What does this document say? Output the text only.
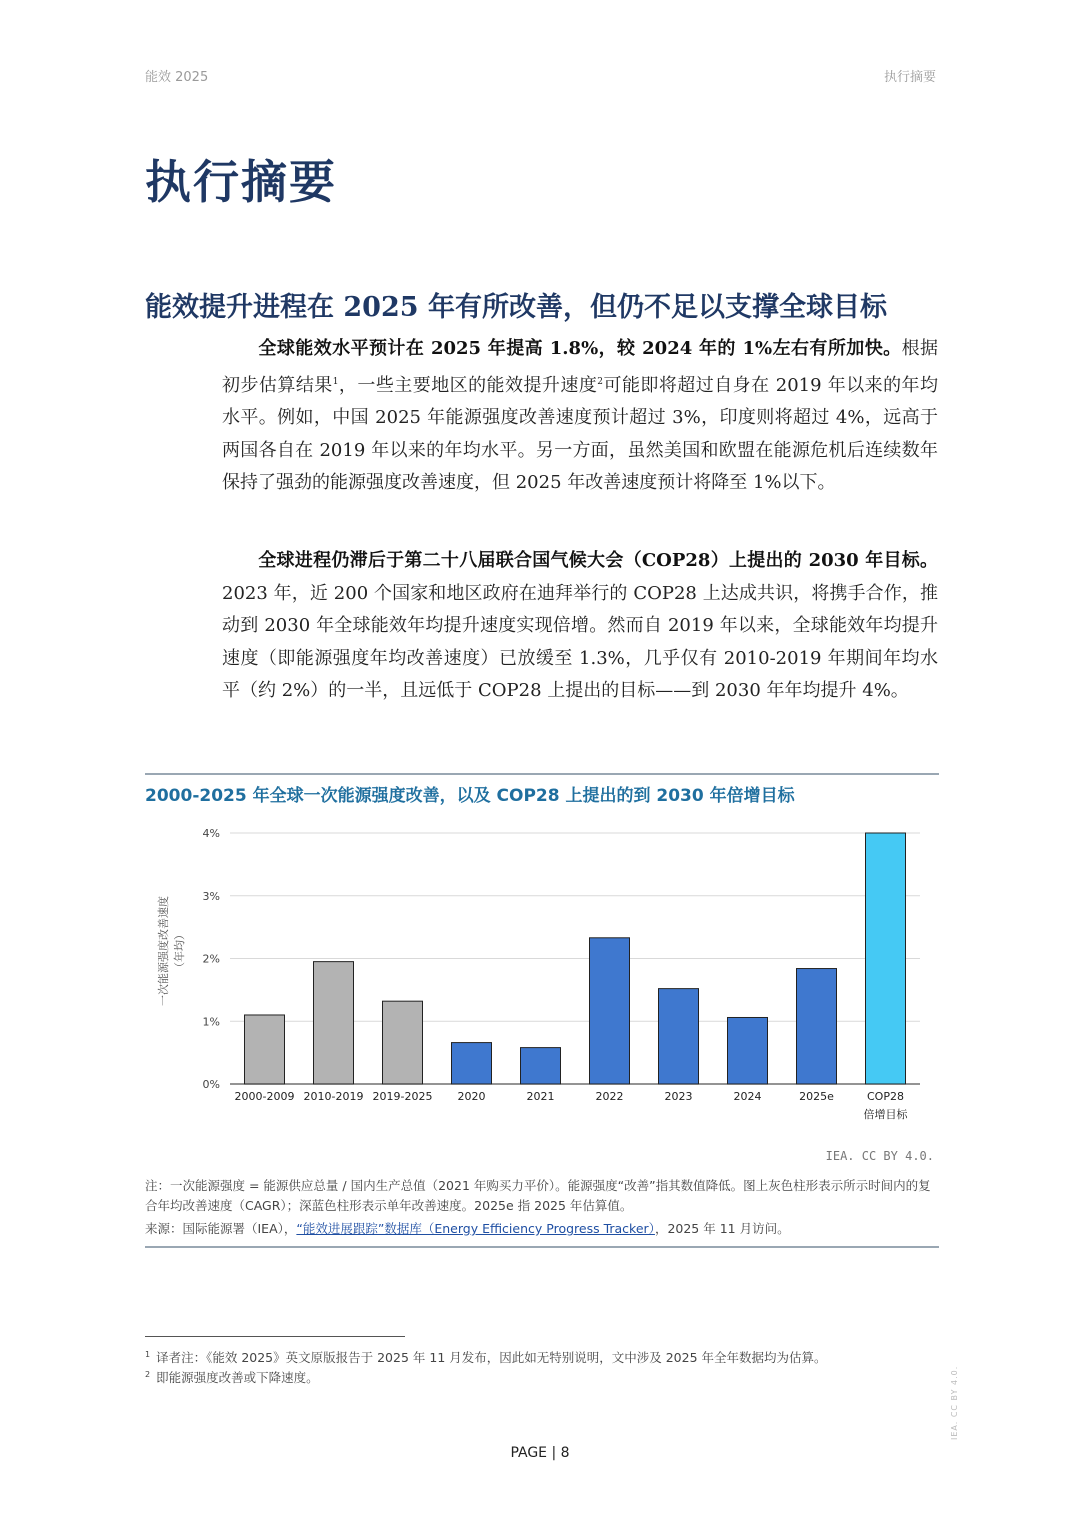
能效 2025	执行摘要
执行摘要
能效提升进程在 2025 年有所改善，但仍不足以支撑全球目标

全球能效水平预计在 2025 年提高 1.8%，较 2024 年的 1%左右有所加快。根据初步估算结果$^1$，一些主要地区的能效提升速度$^2$可能即将超过自身在 2019 年以来的年均水平。例如，中国 2025 年能源强度改善速度预计超过 3%，印度则将超过 4%，远高于两国各自在 2019 年以来的年均水平。另一方面，虽然美国和欧盟在能源危机后连续数年保持了强劲的能源强度改善速度，但 2025 年改善速度预计将降至 1%以下。

全球进程仍滞后于第二十八届联合国气候大会（COP28）上提出的 2030 年目标。2023 年，近 200 个国家和地区政府在迪拜举行的 COP28 上达成共识，将携手合作，推动到 2030 年全球能效年均提升速度实现倍增。然而自 2019 年以来，全球能效年均提升速度（即能源强度年均改善速度）已放缓至 1.3%，几乎仅有 2010-2019 年期间年均水平（约 2%）的一半，且远低于 COP28 上提出的目标——到 2030 年年均提升 4%。

2000-2025 年全球一次能源强度改善，以及 COP28 上提出的到 2030 年倍增目标
0%
1%
2%
3%
4%
一次能源强度改善速度 （年均）
2000-2009 2010-2019 2019-2025 2020	2021	2022	2023	2024	2025e	COP28
倍增目标
IEA. CC BY 4.0.
注：一次能源强度 = 能源供应总量 / 国内生产总值（2021 年购买力平价）。能源强度“改善”指其数值降低。图上灰色柱形表示所示时间内的复合年均改善速度（CAGR）；深蓝色柱形表示单年改善速度。2025e 指 2025 年估算值。
来源：国际能源署（IEA），“能效进展跟踪”数据库（Energy Efficiency Progress Tracker），2025 年 11 月访问。
$^1$ 译者注：《能效 2025》英文原版报告于 2025 年 11 月发布，因此如无特别说明，文中涉及 2025 年全年数据均为估算。
$^2$ 即能源强度改善或下降速度。
PAGE | 8
IEA. CC BY 4.0.
